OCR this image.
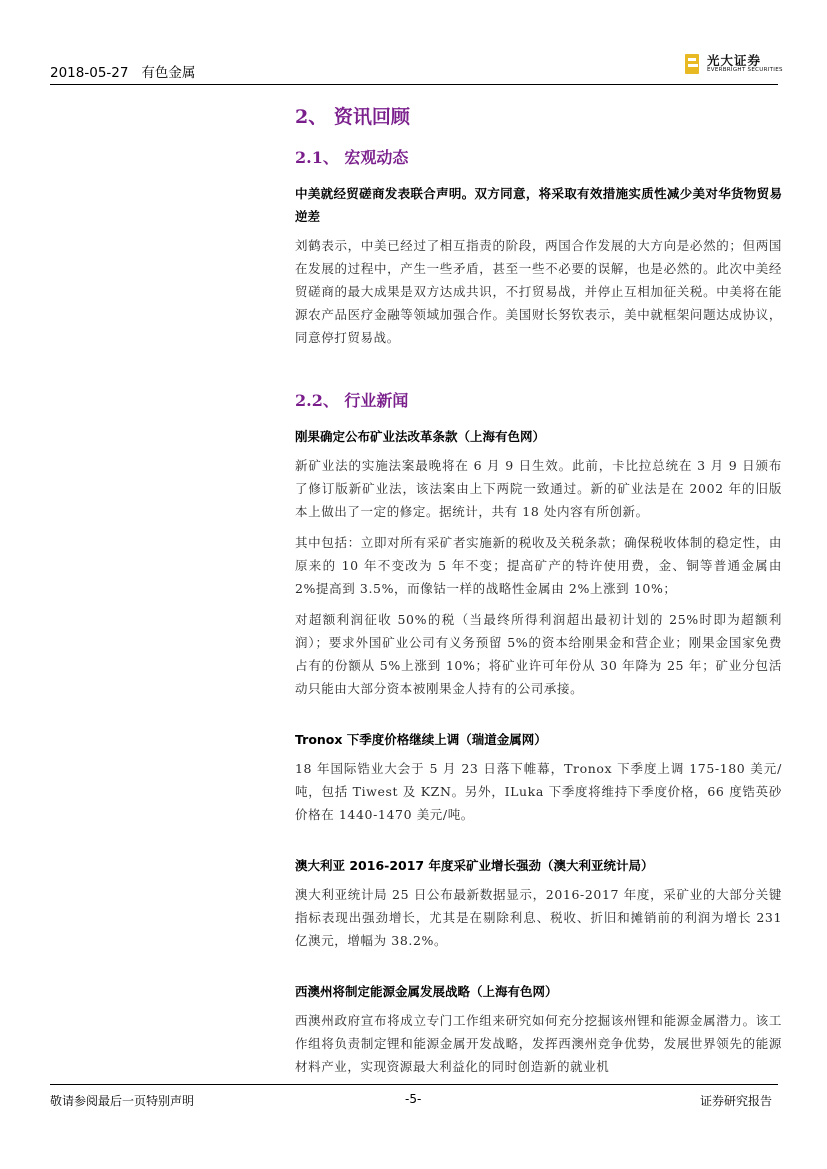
2018-05-27 有色金属
光大证券
EVERBRIGHT SECURITIES
2、 资讯回顾
2.1、 宏观动态
中美就经贸磋商发表联合声明。双方同意，将采取有效措施实质性减少美对华货物贸易逆差

刘鹤表示，中美已经过了相互指责的阶段，两国合作发展的大方向是必然的；但两国在发展的过程中，产生一些矛盾，甚至一些不必要的误解，也是必然的。此次中美经贸磋商的最大成果是双方达成共识，不打贸易战，并停止互相加征关税。中美将在能源农产品医疗金融等领域加强合作。美国财长努钦表示，美中就框架问题达成协议，同意停打贸易战。

2.2、 行业新闻
刚果确定公布矿业法改革条款（上海有色网）

新矿业法的实施法案最晚将在 6 月 9 日生效。此前，卡比拉总统在 3 月 9 日颁布了修订版新矿业法，该法案由上下两院一致通过。新的矿业法是在 2002 年的旧版本上做出了一定的修定。据统计，共有 18 处内容有所创新。

其中包括：立即对所有采矿者实施新的税收及关税条款；确保税收体制的稳定性，由原来的 10 年不变改为 5 年不变；提高矿产的特许使用费，金、铜等普通金属由 2%提高到 3.5%，而像钴一样的战略性金属由 2%上涨到 10%；

对超额利润征收 50%的税（当最终所得利润超出最初计划的 25%时即为超额利润）；要求外国矿业公司有义务预留 5%的资本给刚果金和营企业；刚果金国家免费占有的份额从 5%上涨到 10%；将矿业许可年份从 30 年降为 25 年；矿业分包活动只能由大部分资本被刚果金人持有的公司承接。

Tronox 下季度价格继续上调（瑞道金属网）

18 年国际锆业大会于 5 月 23 日落下帷幕，Tronox 下季度上调 175-180 美元/吨，包括 Tiwest 及 KZN。另外，ILuka 下季度将维持下季度价格，66 度锆英砂价格在 1440-1470 美元/吨。

澳大利亚 2016-2017 年度采矿业增长强劲（澳大利亚统计局）

澳大利亚统计局 25 日公布最新数据显示，2016-2017 年度，采矿业的大部分关键指标表现出强劲增长，尤其是在剔除利息、税收、折旧和摊销前的利润为增长 231 亿澳元，增幅为 38.2%。

西澳州将制定能源金属发展战略（上海有色网）

西澳州政府宣布将成立专门工作组来研究如何充分挖掘该州锂和能源金属潜力。该工作组将负责制定锂和能源金属开发战略，发挥西澳州竞争优势，发展世界领先的能源材料产业，实现资源最大利益化的同时创造新的就业机

敬请参阅最后一页特别声明	-5-	证券研究报告
